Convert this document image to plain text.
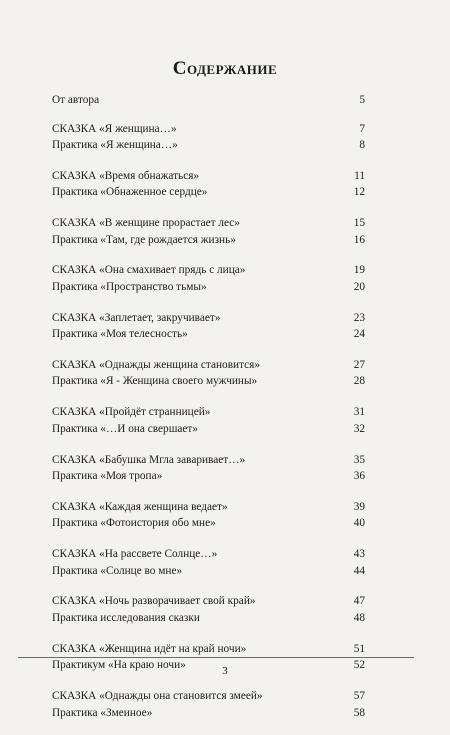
Содержание
От автора	5
СКАЗКА «Я женщина…»	7
Практика «Я женщина…»	8
СКАЗКА «Время обнажаться»	11
Практика «Обнаженное сердце»	12
СКАЗКА «В женщине прорастает лес»	15
Практика «Там, где рождается жизнь»	16
СКАЗКА «Она смахивает прядь с лица»	19
Практика «Пространство тьмы»	20
СКАЗКА «Заплетает, закручивает»	23
Практика «Моя телесность»	24
СКАЗКА «Однажды женщина становится»	27
Практика «Я - Женщина своего мужчины»	28
СКАЗКА «Пройдёт странницей»	31
Практика «…И она свершает»	32
СКАЗКА «Бабушка Мгла заваривает…»	35
Практика «Моя тропа»	36
СКАЗКА «Каждая женщина ведает»	39
Практика «Фотоистория обо мне»	40
СКАЗКА «На рассвете Солнце…»	43
Практика «Солнце во мне»	44
СКАЗКА «Ночь разворачивает свой край»	47
Практика исследования сказки	48
СКАЗКА «Женщина идёт на край ночи»	51
Практикум «На краю ночи»	52
СКАЗКА «Однажды она становится змеей»	57
Практика «Змеиное»	58
3
